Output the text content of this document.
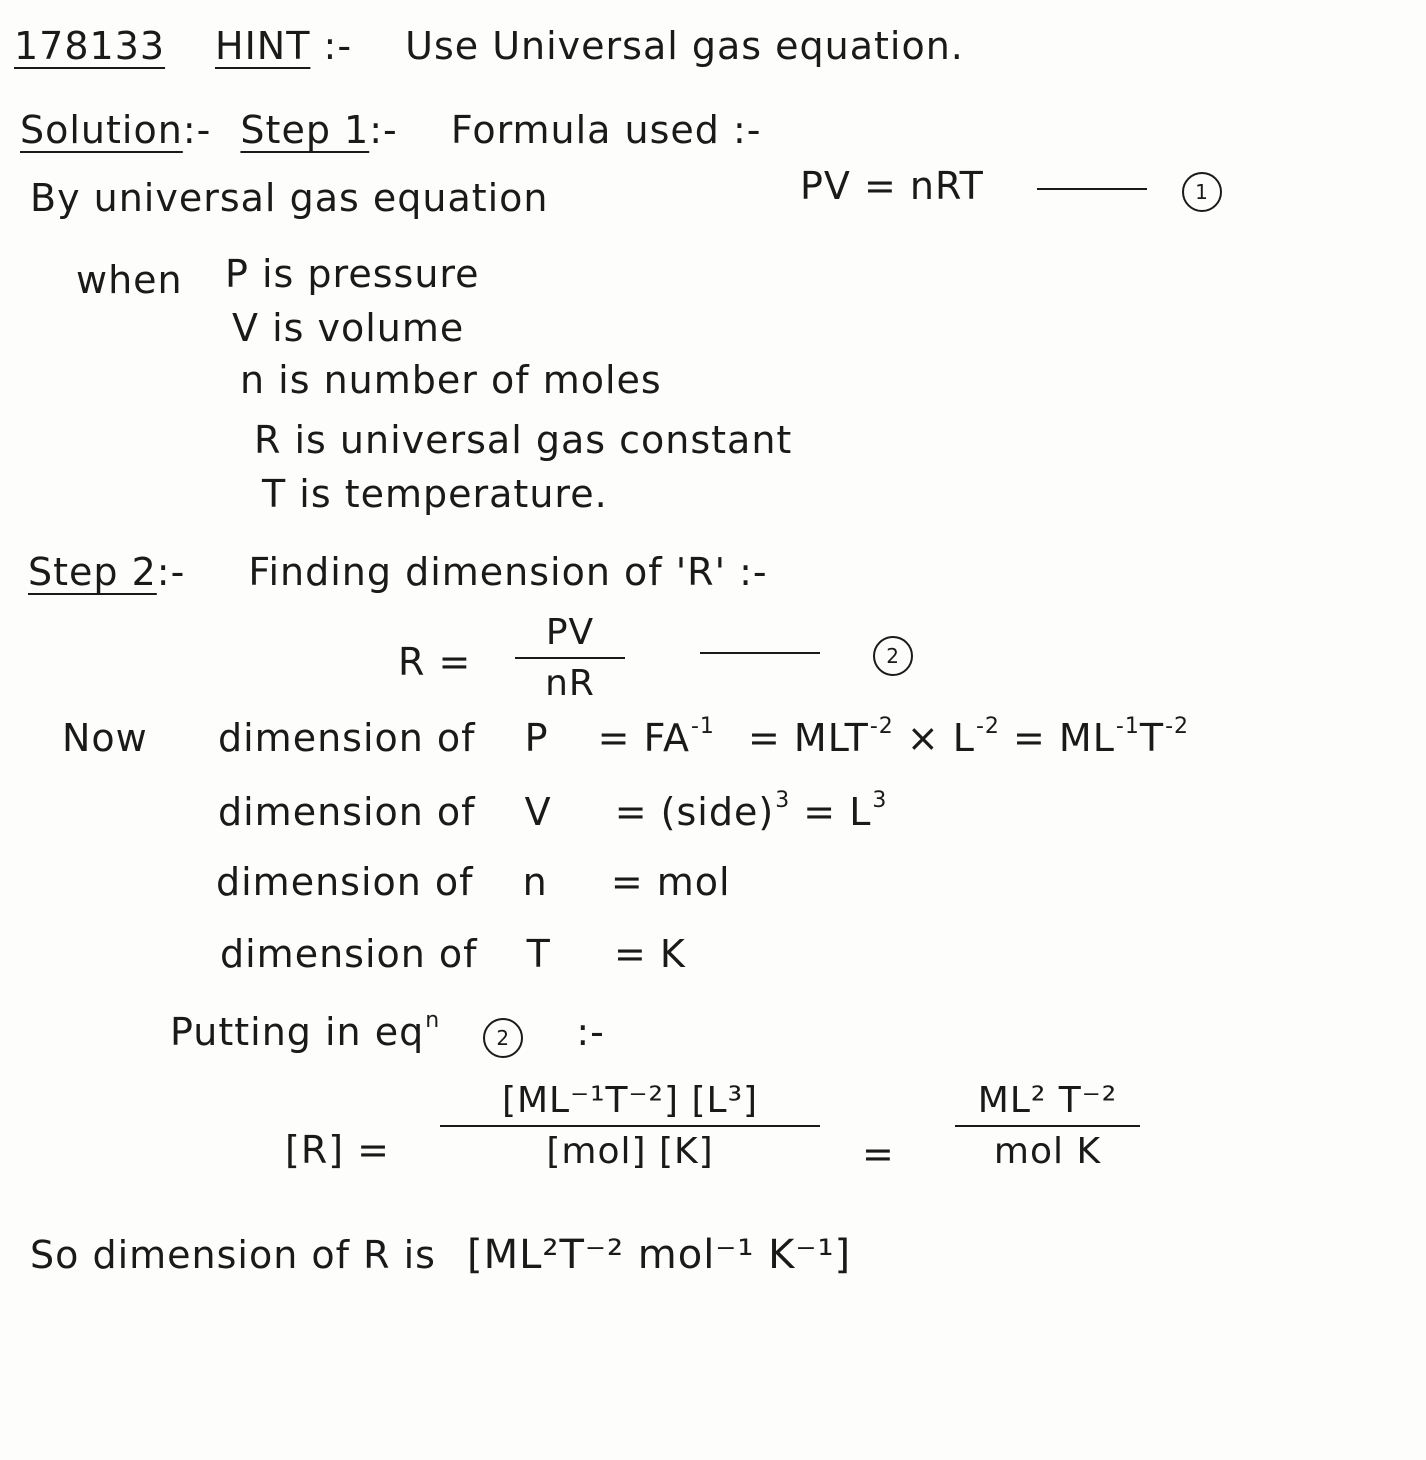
178133 HINT :- Use Universal gas equation.
Solution:- Step 1:- Formula used :-
By universal gas equation	PV = nRT	1
when P is pressure
V is volume
n is number of moles
R is universal gas constant
T is temperature.
Step 2:- Finding dimension of 'R' :-
R =
PV
nR
2
Now dimension of $P = FA^{-1} = MLT^{-2} \times L^{-2} = ML^{-1}T^{-2}$
dimension of V = (side)$^3$ = $L^3$
dimension of n = mol
dimension of T = K
Putting in $eq^n$ 2 :-
[R] =
[ML⁻¹T⁻²] [L³]
[mol] [K]	=
ML² T⁻²
mol K
So dimension of R is [ML²T⁻² mol⁻¹ K⁻¹]
